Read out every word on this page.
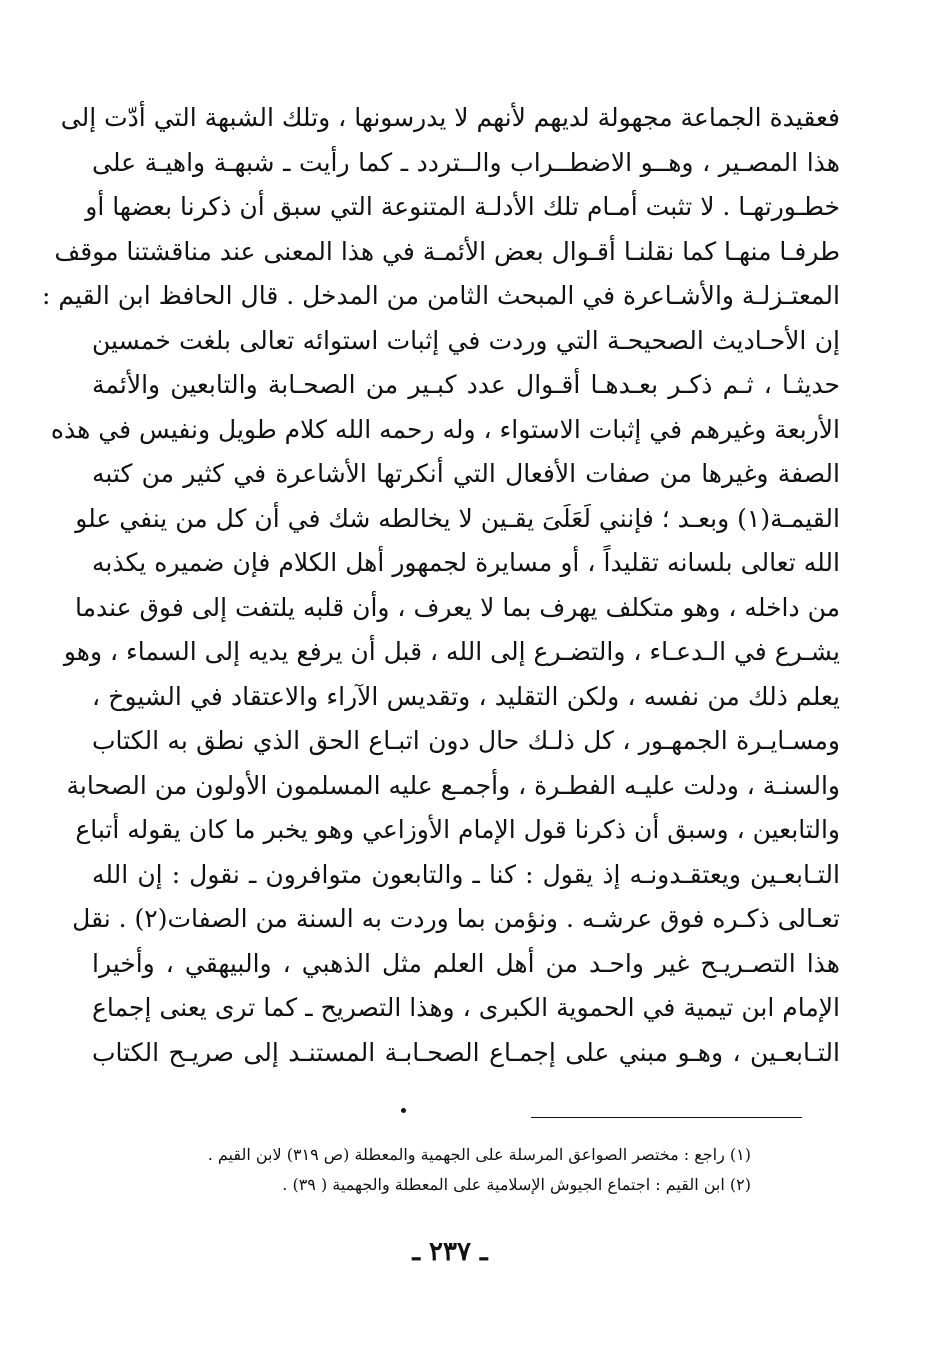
فعقيدة الجماعة مجهولة لديهم لأنهم لا يدرسونها ، وتلك الشبهة التي أدّت إلى
هذا المصـير ، وهــو الاضطــراب والــتردد ـ كما رأيت ـ شبهـة واهيـة على
خطـورتهـا . لا تثبت أمـام تلك الأدلـة المتنوعة التي سبق أن ذكرنا بعضها أو
طرفـا منهـا كما نقلنـا أقـوال بعض الأئمـة في هذا المعنى عند مناقشتنا موقف
المعتـزلـة والأشـاعرة في المبحث الثامن من المدخل . قال الحافظ ابن القيم :
إن الأحـاديث الصحيحـة التي وردت في إثبات استوائه تعالى بلغت خمسين
حديثـا ، ثـم ذكـر بعـدهـا أقـوال عدد كبـير من الصحـابة والتابعين والأئمة
الأربعة وغيرهم في إثبات الاستواء ، وله رحمه الله كلام طويل ونفيس في هذه
الصفة وغيرها من صفات الأفعال التي أنكرتها الأشاعرة في كثير من كتبه
القيمـة(١) وبعـد ؛ فإنني لَعَلَىَ يقـين لا يخالطه شك في أن كل من ينفي علو
الله تعالى بلسانه تقليداً ، أو مسايرة لجمهور أهل الكلام فإن ضميره يكذبه
من داخله ، وهو متكلف يهرف بما لا يعرف ، وأن قلبه يلتفت إلى فوق عندما
يشـرع في الـدعـاء ، والتضـرع إلى الله ، قبل أن يرفع يديه إلى السماء ، وهو
يعلم ذلك من نفسه ، ولكن التقليد ، وتقديس الآراء والاعتقاد في الشيوخ ،
ومسـايـرة الجمهـور ، كل ذلـك حال دون اتبـاع الحق الذي نطق به الكتاب
والسنـة ، ودلت عليـه الفطـرة ، وأجمـع عليه المسلمون الأولون من الصحابة
والتابعين ، وسبق أن ذكرنا قول الإمام الأوزاعي وهو يخبر ما كان يقوله أتباع
التـابعـين ويعتقـدونـه إذ يقول : كنا ـ والتابعون متوافرون ـ نقول : إن الله
تعـالى ذكـره فوق عرشـه . ونؤمن بما وردت به السنة من الصفات(٢) . نقل
هذا التصـريـح غير واحـد من أهل العلم مثل الذهبي ، والبيهقي ، وأخيرا
الإمام ابن تيمية في الحموية الكبرى ، وهذا التصريح ـ كما ترى يعنى إجماع
التـابعـين ، وهـو مبني على إجمـاع الصحـابـة المستنـد إلى صريـح الكتاب
(١) راجع : مختصر الصواعق المرسلة على الجهمية والمعطلة (ص ٣١٩) لابن القيم .
(٢) ابن القيم : اجتماع الجيوش الإسلامية على المعطلة والجهمية ( ٣٩) .
ـ ٢٣٧ ـ
